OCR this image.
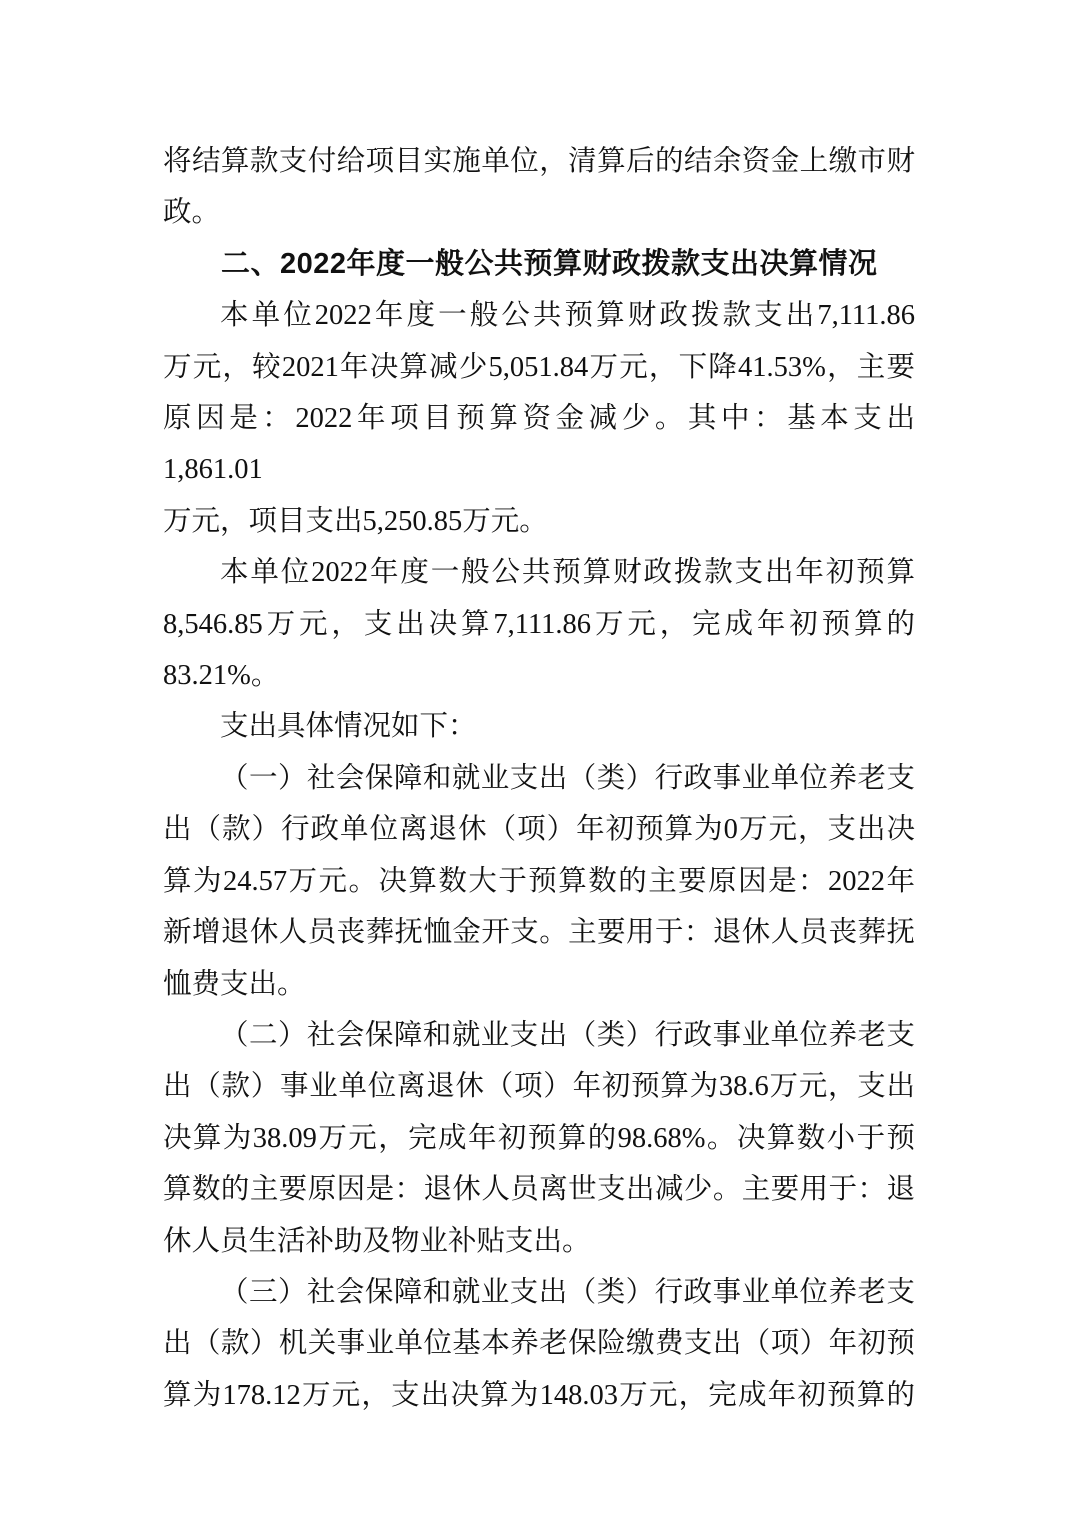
将结算款支付给项目实施单位，清算后的结余资金上缴市财
政。
二、2022年度一般公共预算财政拨款支出决算情况
本单位2022年度一般公共预算财政拨款支出7,111.86
万元，较2021年决算减少5,051.84万元，下降41.53%，主要
原因是：2022年项目预算资金减少。其中：基本支出1,861.01
万元，项目支出5,250.85万元。
本单位2022年度一般公共预算财政拨款支出年初预算
8,546.85万元，支出决算7,111.86万元，完成年初预算的
83.21%。
支出具体情况如下：
（一）社会保障和就业支出（类）行政事业单位养老支
出（款）行政单位离退休（项）年初预算为0万元，支出决
算为24.57万元。决算数大于预算数的主要原因是：2022年
新增退休人员丧葬抚恤金开支。主要用于：退休人员丧葬抚
恤费支出。
（二）社会保障和就业支出（类）行政事业单位养老支
出（款）事业单位离退休（项）年初预算为38.6万元，支出
决算为38.09万元，完成年初预算的98.68%。决算数小于预
算数的主要原因是：退休人员离世支出减少。主要用于：退
休人员生活补助及物业补贴支出。
（三）社会保障和就业支出（类）行政事业单位养老支
出（款）机关事业单位基本养老保险缴费支出（项）年初预
算为178.12万元，支出决算为148.03万元，完成年初预算的
